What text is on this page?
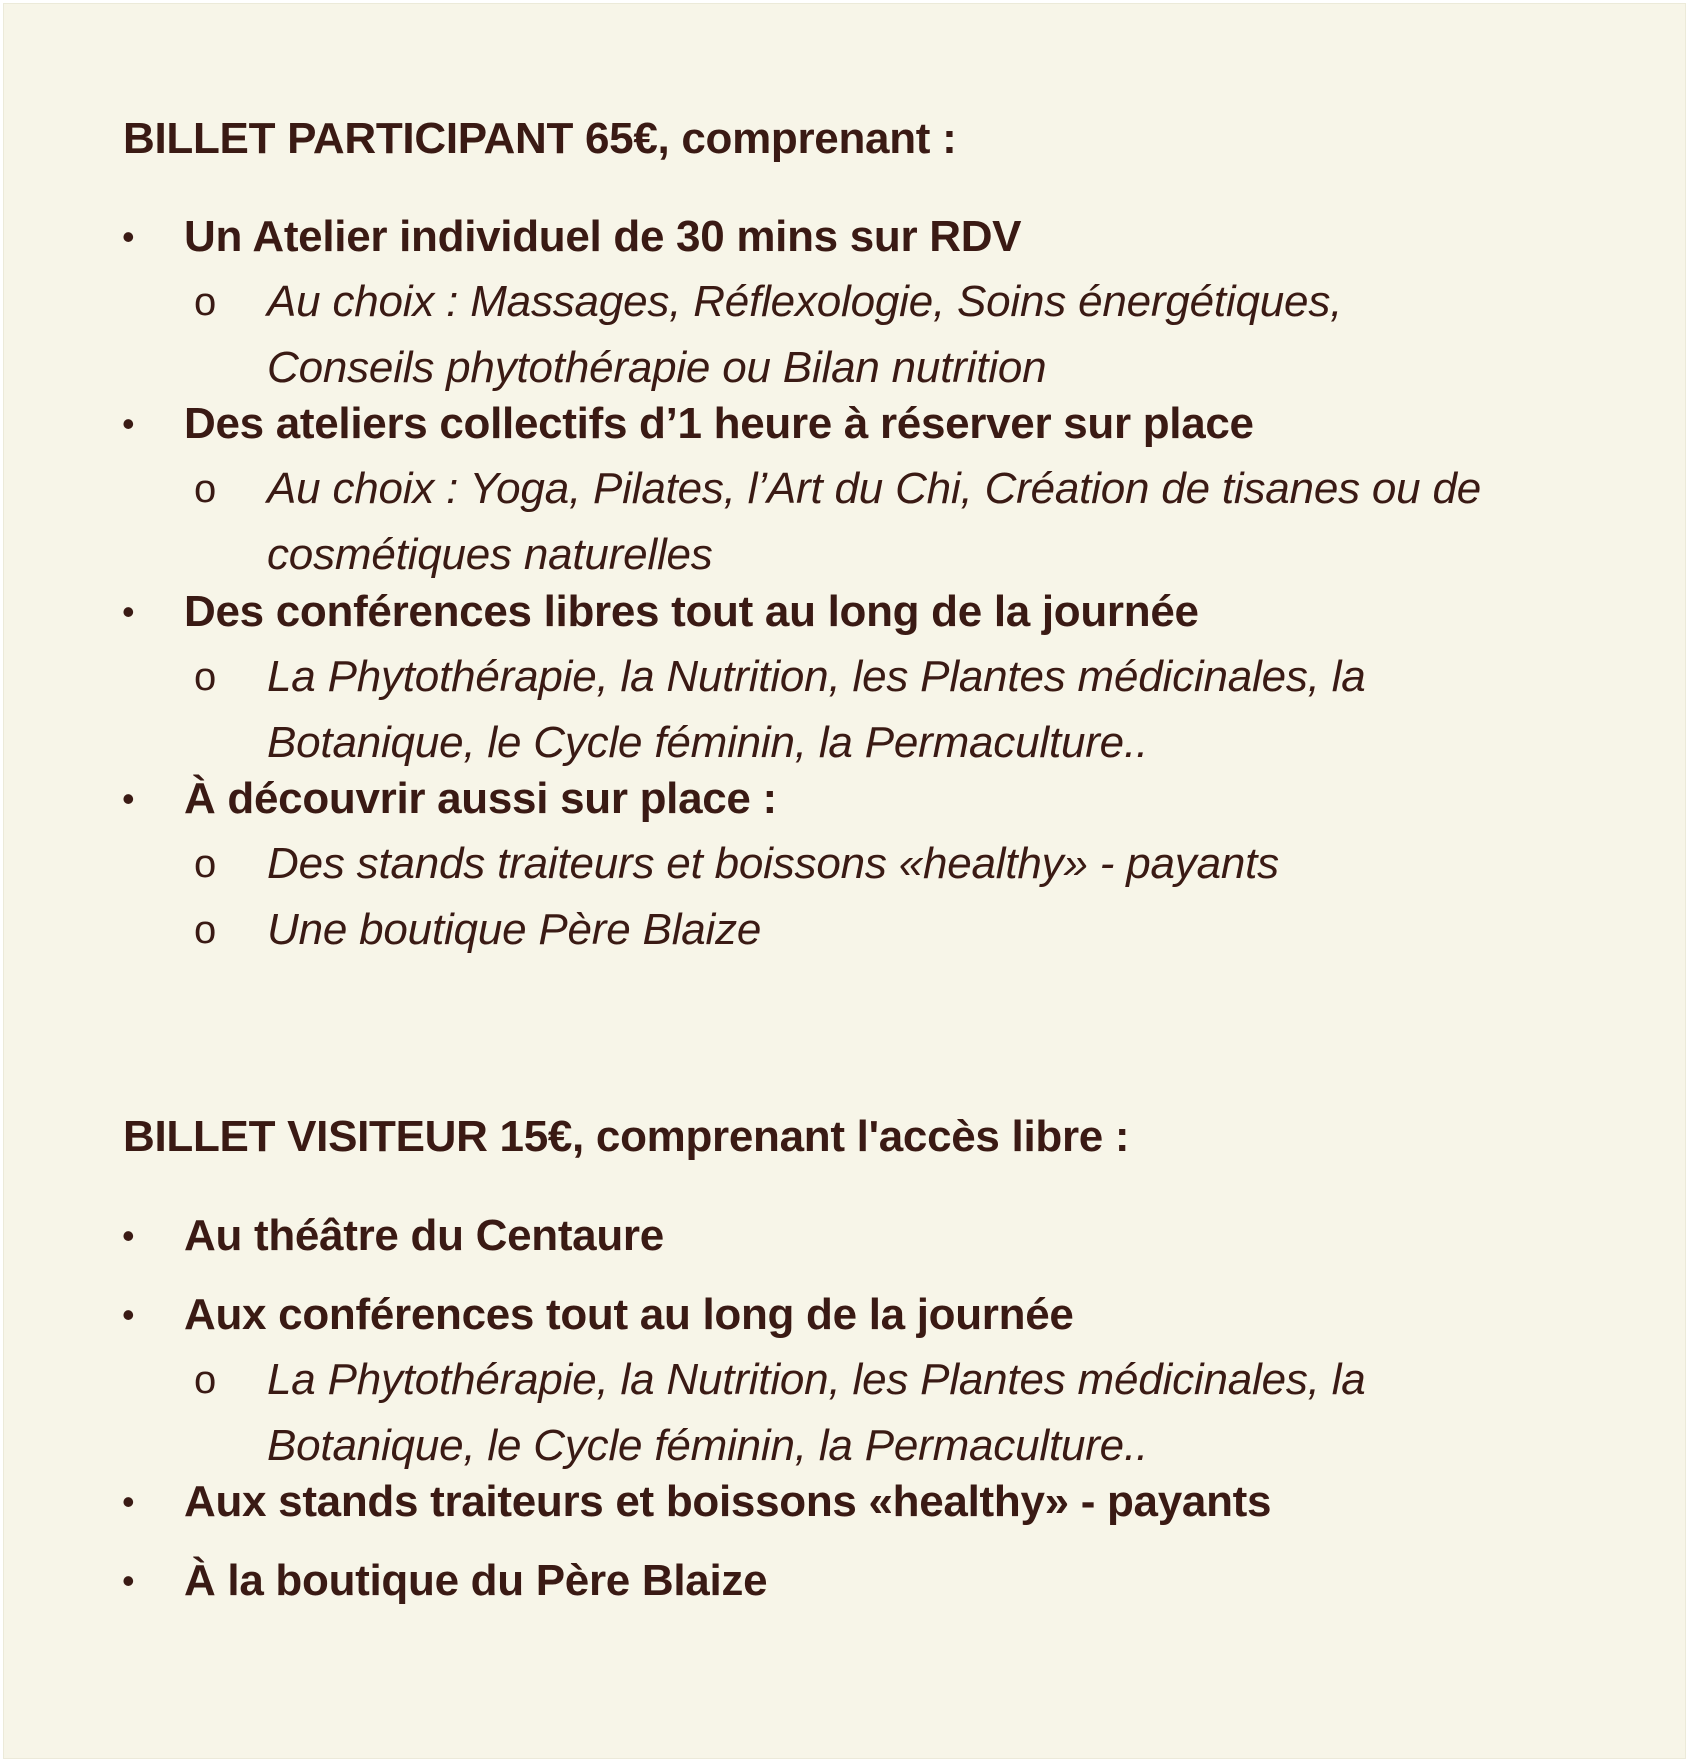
BILLET PARTICIPANT 65€, comprenant :
• Un Atelier individuel de 30 mins sur RDV
o Au choix : Massages, Réflexologie, Soins énergétiques,
Conseils phytothérapie ou Bilan nutrition
• Des ateliers collectifs d’1 heure à réserver sur place
o Au choix : Yoga, Pilates, l’Art du Chi, Création de tisanes ou de
cosmétiques naturelles
• Des conférences libres tout au long de la journée
o La Phytothérapie, la Nutrition, les Plantes médicinales, la
Botanique, le Cycle féminin, la Permaculture..
• À découvrir aussi sur place :
o Des stands traiteurs et boissons «healthy» - payants
o Une boutique Père Blaize
BILLET VISITEUR 15€, comprenant l'accès libre :
• Au théâtre du Centaure
• Aux conférences tout au long de la journée
o La Phytothérapie, la Nutrition, les Plantes médicinales, la
Botanique, le Cycle féminin, la Permaculture..
• Aux stands traiteurs et boissons «healthy» - payants
• À la boutique du Père Blaize
